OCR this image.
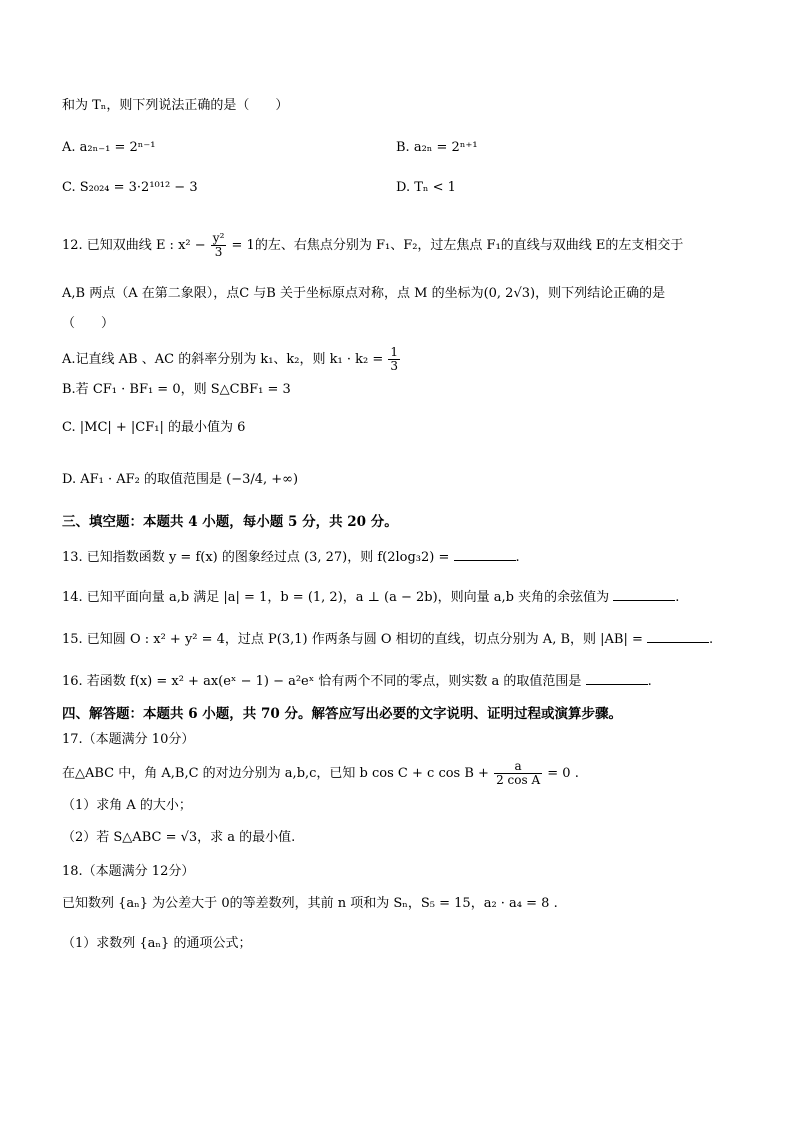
和为 Tₙ，则下列说法正确的是（　　）
A. a₂ₙ₋₁ = 2ⁿ⁻¹	B. a₂ₙ = 2ⁿ⁺¹
C. S₂₀₂₄ = 3·2¹⁰¹² − 3	D. Tₙ < 1
12. 已知双曲线 E : $x^2 - \frac{\text{y²}}{3} = 1$的左、右焦点分别为 F₁、F₂，过左焦点 F₁的直线与双曲线 E的左支相交于
A,B 两点（A 在第二象限），点C 与B 关于坐标原点对称，点 M 的坐标为(0, 2√3)，则下列结论正确的是
（　　）
A.记直线 AB 、AC 的斜率分别为 k₁、k₂，则 $k_1 \cdot k_2 = \frac{1}{3}$
B.若 CF₁ · BF₁ = 0，则 S△CBF₁ = 3
C. |MC| + |CF₁| 的最小值为 6
D. AF₁ · AF₂ 的取值范围是 (−3/4, +∞)
三、填空题：本题共 4 小题，每小题 5 分，共 20 分。
13. 已知指数函数 y = f(x) 的图象经过点 (3, 27)，则 f(2log₃2) =	.
14. 已知平面向量 a,b 满足 |a| = 1，b = (1, 2)，a ⊥ (a − 2b)，则向量 a,b 夹角的余弦值为	.
15. 已知圆 O : x² + y² = 4，过点 P(3,1) 作两条与圆 O 相切的直线，切点分别为 A, B，则 |AB| =	.
16. 若函数 f(x) = x² + ax(eˣ − 1) − a²eˣ 恰有两个不同的零点，则实数 a 的取值范围是	.
四、解答题：本题共 6 小题，共 70 分。解答应写出必要的文字说明、证明过程或演算步骤。
17.（本题满分 10分）
在△ABC 中，角 A,B,C 的对边分别为 a,b,c，已知 b cos C + c $\cos B + \frac{a}{\text{2 cos A}} = 0$ .
（1）求角 A 的大小；
（2）若 S△ABC = √3，求 a 的最小值.
18.（本题满分 12分）
已知数列 {aₙ} 为公差大于 0的等差数列，其前 n 项和为 Sₙ，S₅ = 15，a₂ · a₄ = 8 .
（1）求数列 {aₙ} 的通项公式；
